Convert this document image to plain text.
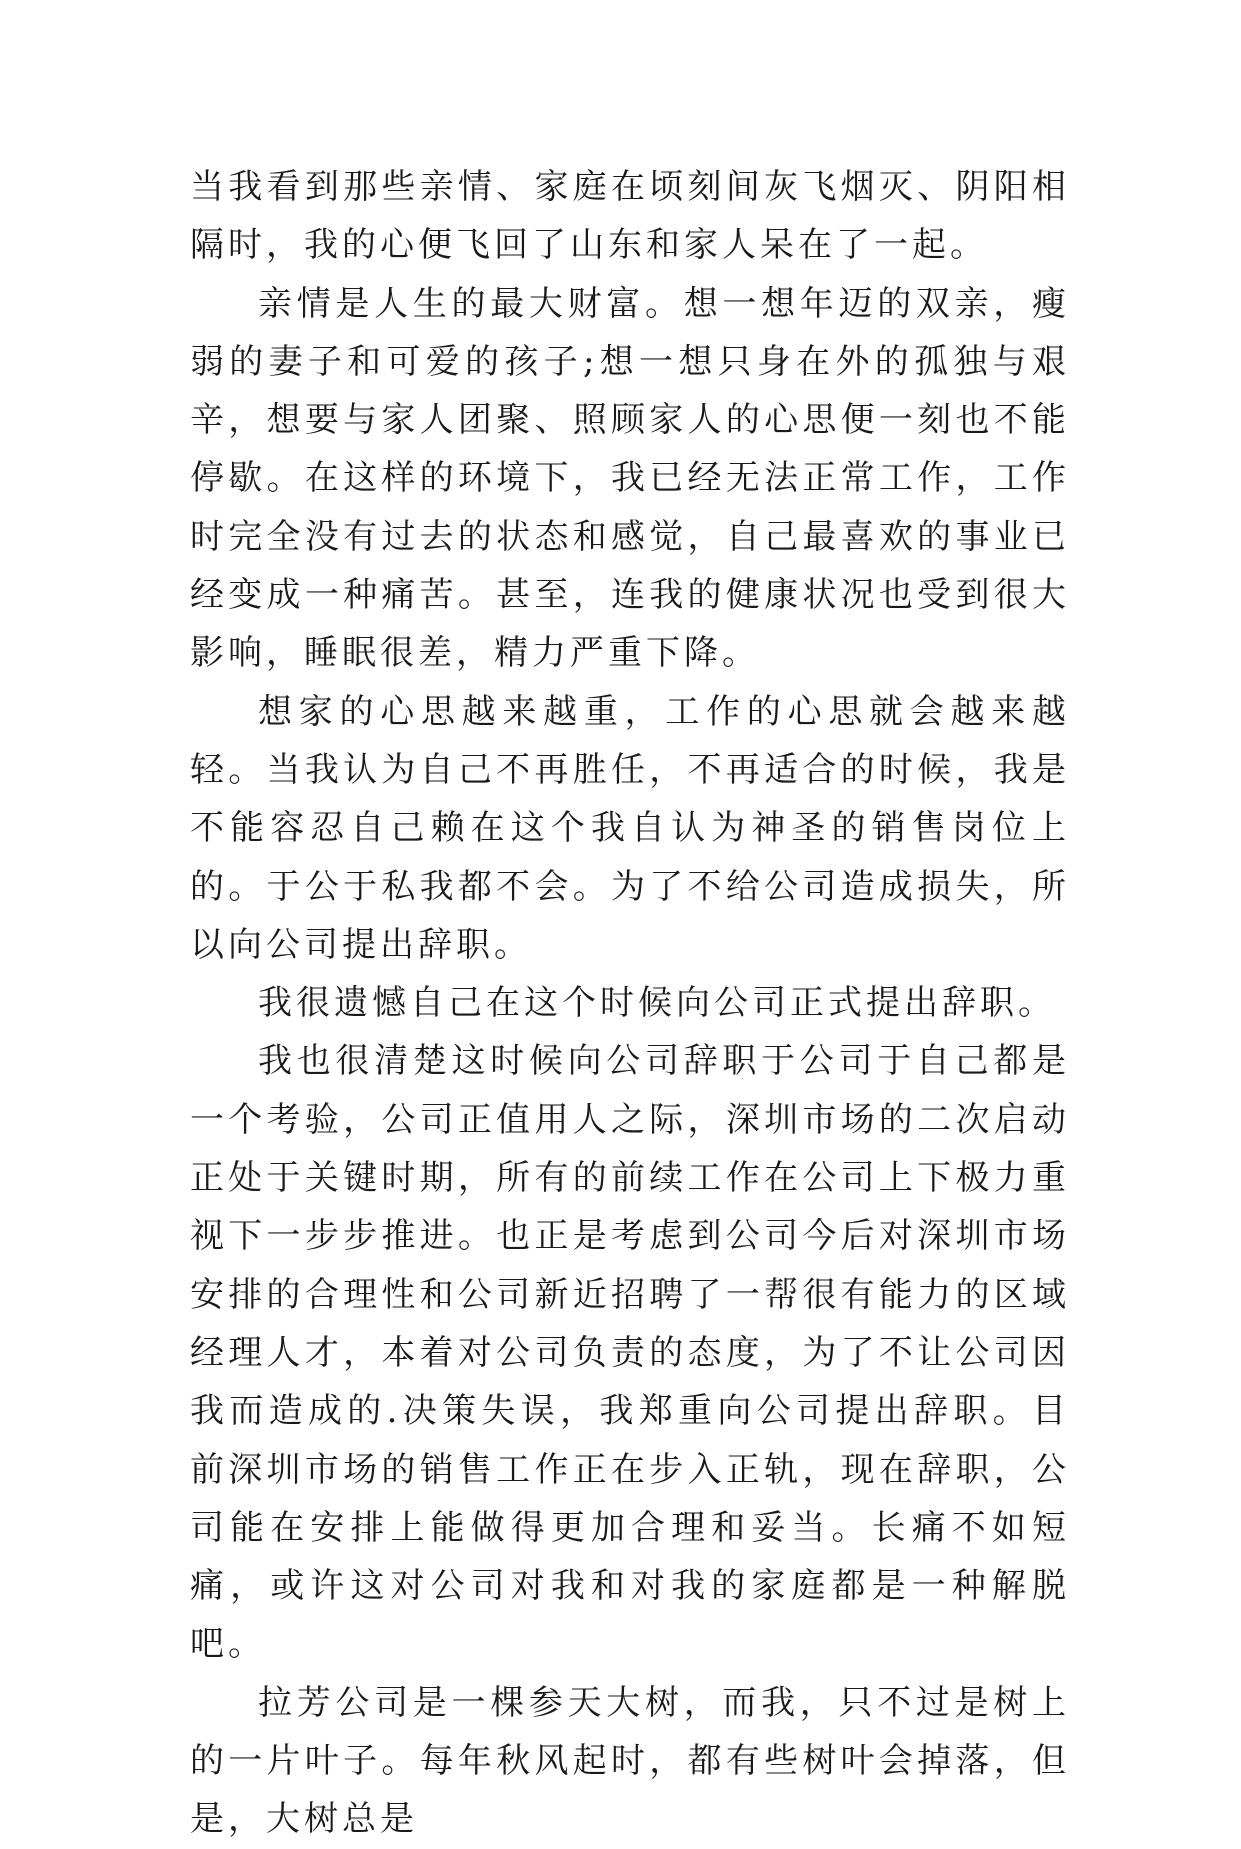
当我看到那些亲情、家庭在顷刻间灰飞烟灭、阴阳相隔时，我的心便飞回了山东和家人呆在了一起。

亲情是人生的最大财富。想一想年迈的双亲，瘦弱的妻子和可爱的孩子;想一想只身在外的孤独与艰辛，想要与家人团聚、照顾家人的心思便一刻也不能停歇。在这样的环境下，我已经无法正常工作，工作时完全没有过去的状态和感觉，自己最喜欢的事业已经变成一种痛苦。甚至，连我的健康状况也受到很大影响，睡眠很差，精力严重下降。

想家的心思越来越重，工作的心思就会越来越轻。当我认为自己不再胜任，不再适合的时候，我是不能容忍自己赖在这个我自认为神圣的销售岗位上的。于公于私我都不会。为了不给公司造成损失，所以向公司提出辞职。

我很遗憾自己在这个时候向公司正式提出辞职。

我也很清楚这时候向公司辞职于公司于自己都是一个考验，公司正值用人之际，深圳市场的二次启动正处于关键时期，所有的前续工作在公司上下极力重视下一步步推进。也正是考虑到公司今后对深圳市场安排的合理性和公司新近招聘了一帮很有能力的区域经理人才，本着对公司负责的态度，为了不让公司因我而造成的.决策失误，我郑重向公司提出辞职。目前深圳市场的销售工作正在步入正轨，现在辞职，公司能在安排上能做得更加合理和妥当。长痛不如短痛，或许这对公司对我和对我的家庭都是一种解脱吧。

拉芳公司是一棵参天大树，而我，只不过是树上的一片叶子。每年秋风起时，都有些树叶会掉落，但是，大树总是
